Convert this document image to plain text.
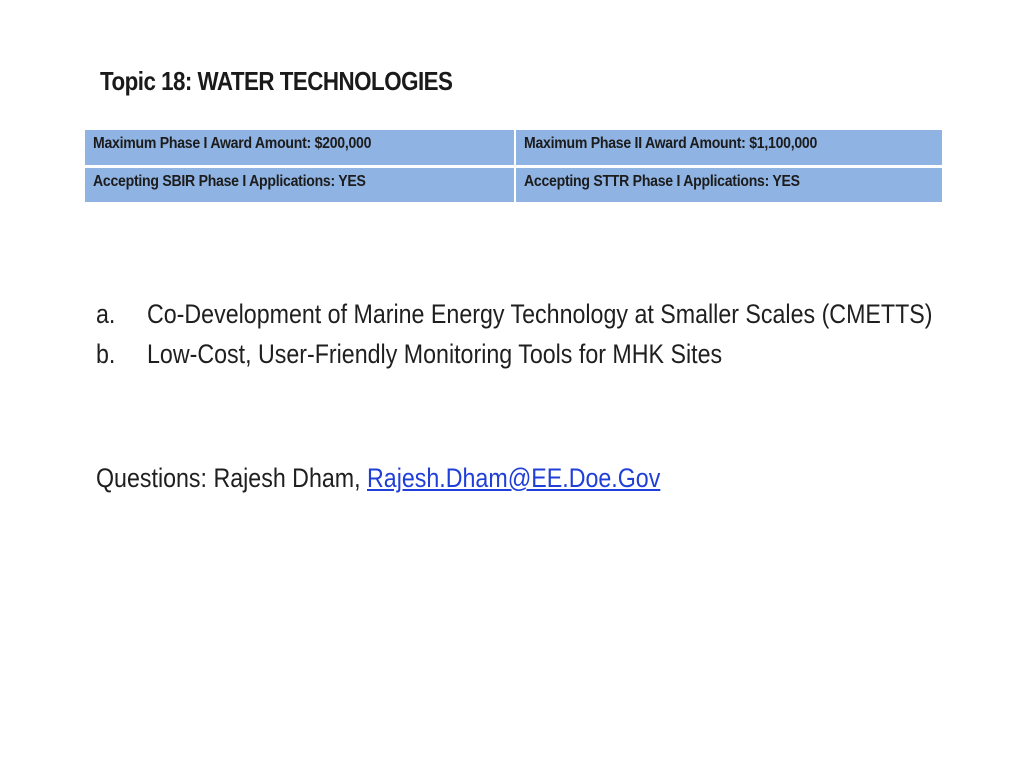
Topic 18: WATER TECHNOLOGIES
Maximum Phase I Award Amount: $200,000	Maximum Phase II Award Amount: $1,100,000
Accepting SBIR Phase I Applications: YES	Accepting STTR Phase I Applications: YES
a.	Co-Development of Marine Energy Technology at Smaller Scales (CMETTS)
b.	Low-Cost, User-Friendly Monitoring Tools for MHK Sites
Questions: Rajesh Dham, Rajesh.Dham@EE.Doe.Gov
